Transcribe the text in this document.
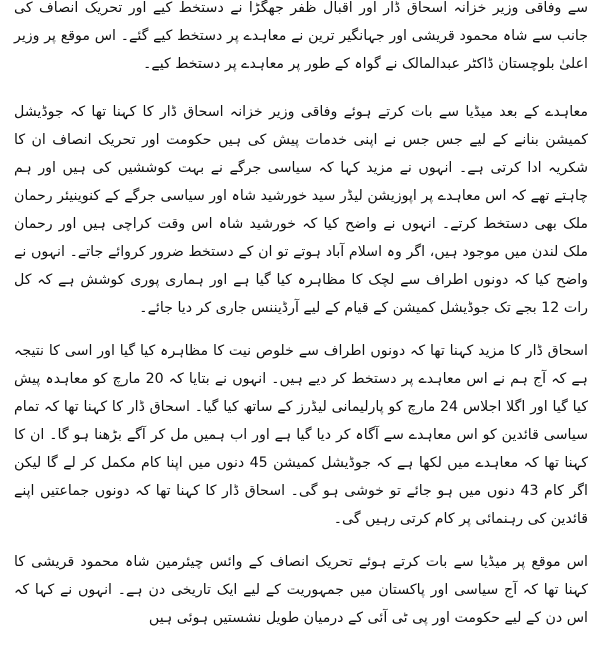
سے وفاقی وزیر خزانہ اسحاق ڈار اور اقبال ظفر جھگڑا نے دستخط کیے اور تحریک انصاف کی جانب سے شاہ محمود قریشی اور جہانگیر ترین نے معاہدے پر دستخط کیے گئے۔ اس موقع پر وزیر اعلیٰ بلوچستان ڈاکٹر عبدالمالک نے گواہ کے طور پر معاہدے پر دستخط کیے۔

معاہدے کے بعد میڈیا سے بات کرتے ہوئے وفاقی وزیر خزانہ اسحاق ڈار کا کہنا تھا کہ جوڈیشل کمیشن بنانے کے لیے جس جس نے اپنی خدمات پیش کی ہیں حکومت اور تحریک انصاف ان کا شکریہ ادا کرتی ہے۔ انہوں نے مزید کہا کہ سیاسی جرگے نے بہت کوششیں کی ہیں اور ہم چاہتے تھے کہ اس معاہدے پر اپوزیشن لیڈر سید خورشید شاہ اور سیاسی جرگے کے کنوینیئر رحمان ملک بھی دستخط کرتے۔ انہوں نے واضح کیا کہ خورشید شاہ اس وقت کراچی ہیں اور رحمان ملک لندن میں موجود ہیں، اگر وہ اسلام آباد ہوتے تو ان کے دستخط ضرور کروائے جاتے۔ انہوں نے واضح کیا کہ دونوں اطراف سے لچک کا مظاہرہ کیا گیا ہے اور ہماری پوری کوشش ہے کہ کل رات 12 بجے تک جوڈیشل کمیشن کے قیام کے لیے آرڈیننس جاری کر دیا جائے۔

اسحاق ڈار کا مزید کہنا تھا کہ دونوں اطراف سے خلوص نیت کا مظاہرہ کیا گیا اور اسی کا نتیجہ ہے کہ آج ہم نے اس معاہدے پر دستخط کر دیے ہیں۔ انہوں نے بتایا کہ 20 مارچ کو معاہدہ پیش کیا گیا اور اگلا اجلاس 24 مارچ کو پارلیمانی لیڈرز کے ساتھ کیا گیا۔ اسحاق ڈار کا کہنا تھا کہ تمام سیاسی قائدین کو اس معاہدے سے آگاہ کر دیا گیا ہے اور اب ہمیں مل کر آگے بڑھنا ہو گا۔ ان کا کہنا تھا کہ معاہدے میں لکھا ہے کہ جوڈیشل کمیشن 45 دنوں میں اپنا کام مکمل کر لے گا لیکن اگر کام 43 دنوں میں ہو جائے تو خوشی ہو گی۔ اسحاق ڈار کا کہنا تھا کہ دونوں جماعتیں اپنے قائدین کی رہنمائی پر کام کرتی رہیں گی۔

اس موقع پر میڈیا سے بات کرتے ہوئے تحریک انصاف کے وائس چیئرمین شاہ محمود قریشی کا کہنا تھا کہ آج سیاسی اور پاکستان میں جمہوریت کے لیے ایک تاریخی دن ہے۔ انہوں نے کہا کہ اس دن کے لیے حکومت اور پی ٹی آئی کے درمیان طویل نشستیں ہوئی ہیں
